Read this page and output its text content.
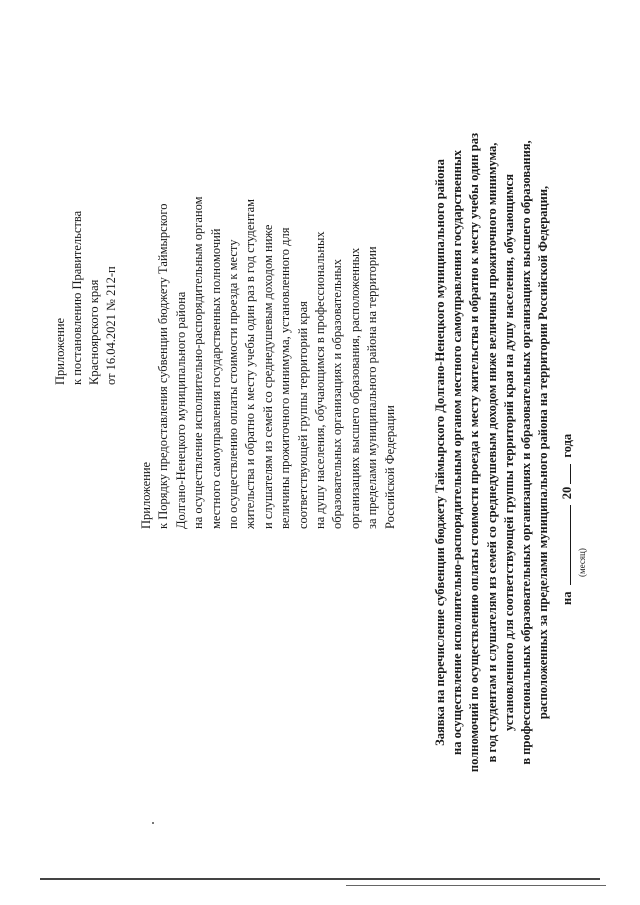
Приложение к постановлению Правительства Красноярского края от 16.04.2021 № 212-п
Приложение к Порядку предоставления субвенции бюджету Таймырского Долгано-Ненецкого муниципального района на осуществление исполнительно-распорядительным органом местного самоуправления государственных полномочий по осуществлению оплаты стоимости проезда к месту жительства и обратно к месту учебы один раз в год студентам и слушателям из семей со среднедушевым доходом ниже величины прожиточного минимума, установленного для соответствующей группы территорий края на душу населения, обучающимся в профессиональных образовательных организациях и образовательных организациях высшего образования, расположенных за пределами муниципального района на территории Российской Федерации	Заявка на перечисление субвенции бюджету Таймырского Долгано-Ненецкого муниципального района на осуществление исполнительно-распорядительным органом местного самоуправления государственных полномочий по осуществлению оплаты стоимости проезда к месту жительства и обратно к месту учебы один раз в год студентам и слушателям из семей со среднедушевым доходом ниже величины прожиточного минимума, установленного для соответствующей группы территорий края на душу населения, обучающимся в профессиональных образовательных организациях и образовательных организациях высшего образования, расположенных за пределами муниципального района на территории Российской Федерации, на  20 года
(месяц)
